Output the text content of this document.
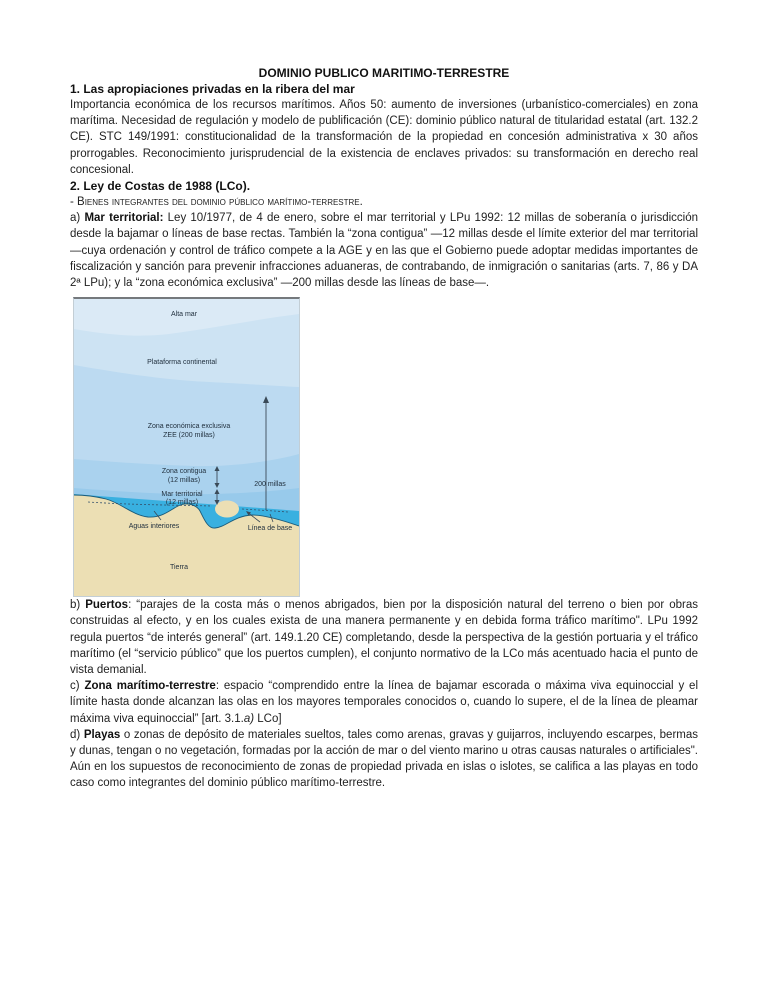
DOMINIO PUBLICO MARITIMO-TERRESTRE

1. Las apropiaciones privadas en la ribera del mar

Importancia económica de los recursos marítimos. Años 50: aumento de inversiones (urbanístico-comerciales) en zona marítima. Necesidad de regulación y modelo de publificación (CE): dominio público natural de titularidad estatal (art. 132.2 CE). STC 149/1991: constitucionalidad de la transformación de la propiedad en concesión administrativa x 30 años prorrogables. Reconocimiento jurisprudencial de la existencia de enclaves privados: su transformación en derecho real concesional.

2. Ley de Costas de 1988 (LCo).

- Bienes integrantes del dominio público marítimo-terrestre.

a) Mar territorial: Ley 10/1977, de 4 de enero, sobre el mar territorial y LPu 1992: 12 millas de soberanía o jurisdicción desde la bajamar o líneas de base rectas. También la “zona contigua” —12 millas desde el límite exterior del mar territorial—cuya ordenación y control de tráfico compete a la AGE y en las que el Gobierno puede adoptar medidas importantes de fiscalización y sanción para prevenir infracciones aduaneras, de contrabando, de inmigración o sanitarias (arts. 7, 86 y DA 2ª LPu); y la “zona económica exclusiva” —200 millas desde las líneas de base—.

Alta mar
Plataforma continental
Zona económica exclusiva
ZEE (200 millas)
Zona contigua
(12 millas)
Mar territorial
(12 millas)
200 millas
Aguas interiores	Línea de base
Tierra

b) Puertos: “parajes de la costa más o menos abrigados, bien por la disposición natural del terreno o bien por obras construidas al efecto, y en los cuales exista de una manera permanente y en debida forma tráfico marítimo". LPu 1992 regula puertos “de interés general” (art. 149.1.20 CE) completando, desde la perspectiva de la gestión portuaria y el tráfico marítimo (el “servicio público” que los puertos cumplen), el conjunto normativo de la LCo más acentuado hacia el punto de vista demanial.

c) Zona marítimo-terrestre: espacio “comprendido entre la línea de bajamar escorada o máxima viva equinoccial y el límite hasta donde alcanzan las olas en los mayores temporales conocidos o, cuando lo supere, el de la línea de pleamar máxima viva equinoccial” [art. 3.1.a) LCo]

d) Playas o zonas de depósito de materiales sueltos, tales como arenas, gravas y guijarros, incluyendo escarpes, bermas y dunas, tengan o no vegetación, formadas por la acción de mar o del viento marino u otras causas naturales o artificiales". Aún en los supuestos de reconocimiento de zonas de propiedad privada en islas o islotes, se califica a las playas en todo caso como integrantes del dominio público marítimo-terrestre.
